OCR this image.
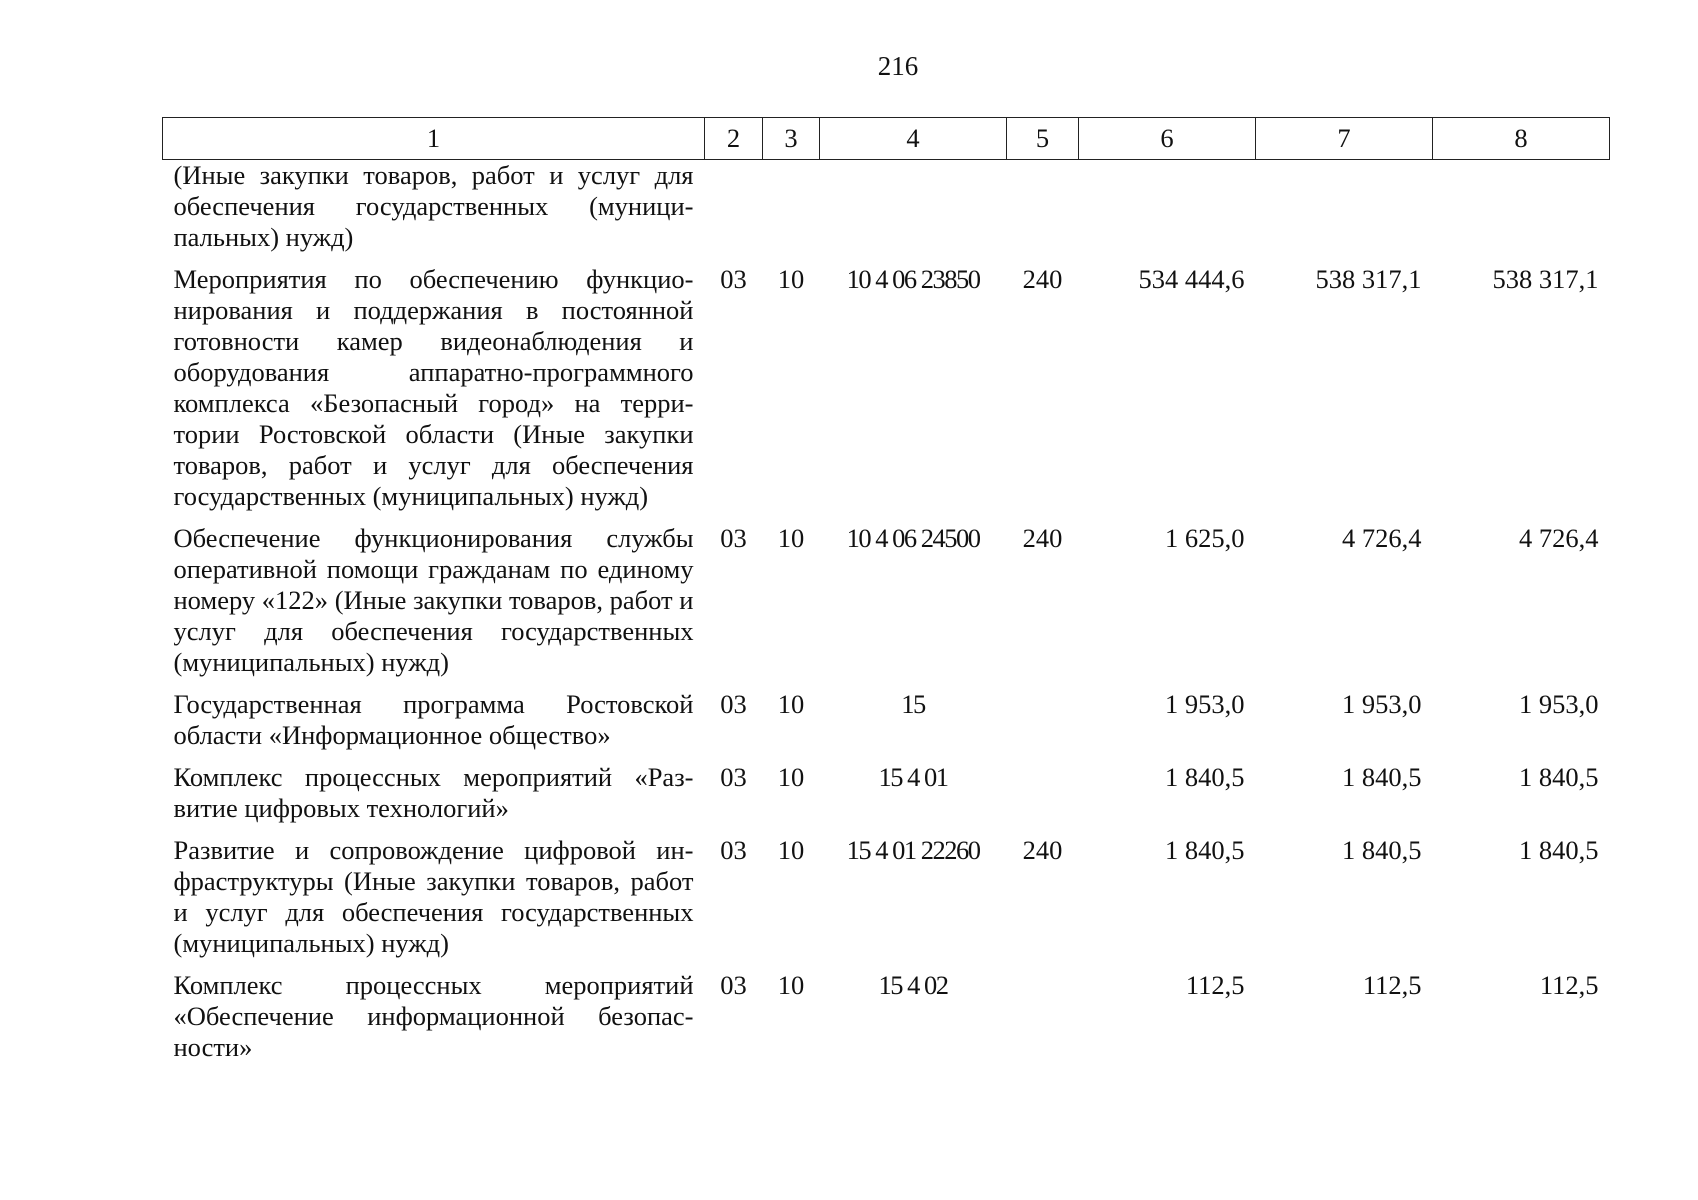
216
1	2	3	4	5	6	7	8
(Иные закупки товаров, работ и услуг для обеспечения государственных (муниципальных) нужд)							
Мероприятия по обеспечению функционирования и поддержания в постоянной готовности камер видеонаблюдения и оборудования аппаратно-программного комплекса «Безопасный город» на территории Ростовской области (Иные закупки товаров, работ и услуг для обеспечения государственных (муниципальных) нужд)	03	10	10 4 06 23850	240	534 444,6	538 317,1	538 317,1
Обеспечение функционирования службы оперативной помощи гражданам по единому номеру «122» (Иные закупки товаров, работ и услуг для обеспечения государственных (муниципальных) нужд)	03	10	10 4 06 24500	240	1 625,0	4 726,4	4 726,4
Государственная программа Ростовской области «Информационное общество»	03	10	15		1 953,0	1 953,0	1 953,0
Комплекс процессных мероприятий «Развитие цифровых технологий»	03	10	15 4 01		1 840,5	1 840,5	1 840,5
Развитие и сопровождение цифровой инфраструктуры (Иные закупки товаров, работ и услуг для обеспечения государственных (муниципальных) нужд)	03	10	15 4 01 22260	240	1 840,5	1 840,5	1 840,5
Комплекс процессных мероприятий «Обеспечение информационной безопасности»	03	10	15 4 02		112,5	112,5	112,5
